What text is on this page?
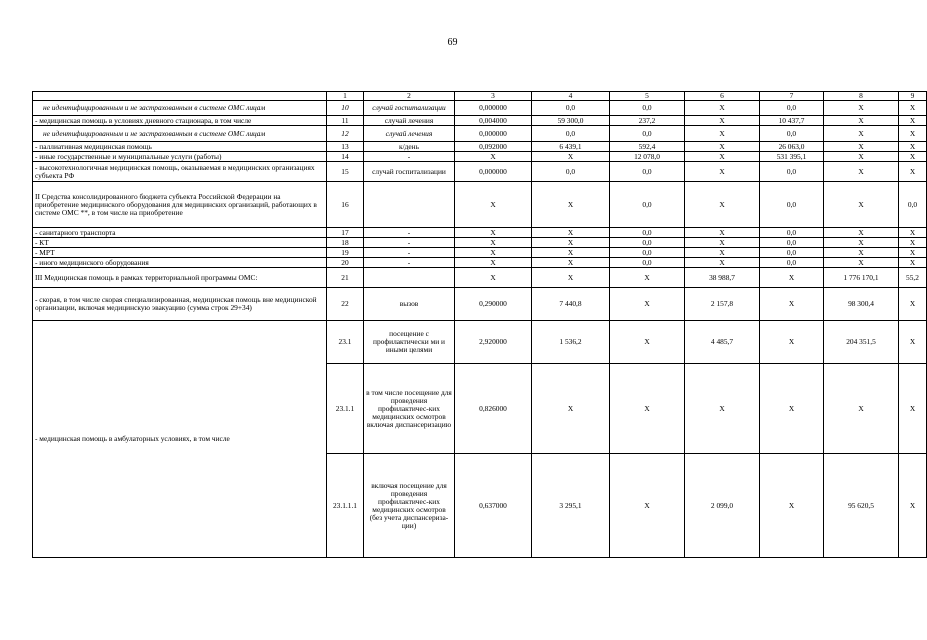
69
	1	2	3	4	5	6	7	8	9
не идентифицированным и не застрахованным в системе ОМС лицам	10	случай госпитализации	0,000000	0,0	0,0	X	0,0	X	X
- медицинская помощь в условиях дневного стационара, в том числе	11	случай лечения	0,004000	59 300,0	237,2	X	10 437,7	X	X
не идентифицированным и не застрахованным в системе ОМС лицам	12	случай лечения	0,000000	0,0	0,0	X	0,0	X	X
- паллиативная медицинская помощь	13	к/день	0,092000	6 439,1	592,4	X	26 063,0	X	X
- иные государственные и муниципальные услуги (работы)	14	-	X	X	12 078,0	X	531 395,1	X	X
- высокотехнологичная медицинская помощь, оказываемая в медицинских организациях субъекта РФ	15	случай госпитализации	0,000000	0,0	0,0	X	0,0	X	X
II Средства консолидированного бюджета субъекта Российской Федерации на приобретение медицинского оборудования для медицинских организаций, работающих в системе ОМС **, в том числе на приобретение	16		X	X	0,0	X	0,0	X	0,0
- санитарного транспорта	17	-	X	X	0,0	X	0,0	X	X
- КТ	18	-	X	X	0,0	X	0,0	X	X
- МРТ	19	-	X	X	0,0	X	0,0	X	X
- иного медицинского оборудования	20	-	X	X	0,0	X	0,0	X	X
III Медицинская помощь в рамках территориальной программы ОМС:	21		X	X	X	38 988,7	X	1 776 170,1	55,2
- скорая, в том числе скорая специализированная, медицинская помощь вне медицинской организации, включая медицинскую эвакуацию (сумма строк 29+34)	22	вызов	0,290000	7 440,8	X	2 157,8	X	98 300,4	X
- медицинская помощь в амбулаторных условиях, в том числе	23.1	посещение с профилактически ми и иными целями	2,920000	1 536,2	X	4 485,7	X	204 351,5	X
	23.1.1	в том числе посещение для проведения профилактичес-ких медицинских осмотров включая диспансеризацию	0,826000	X	X	X	X	X	X
	23.1.1.1	включая посещение для проведения профилактичес-ких медицинских осмотров (без учета диспансериза-ции)	0,637000	3 295,1	X	2 099,0	X	95 620,5	X
